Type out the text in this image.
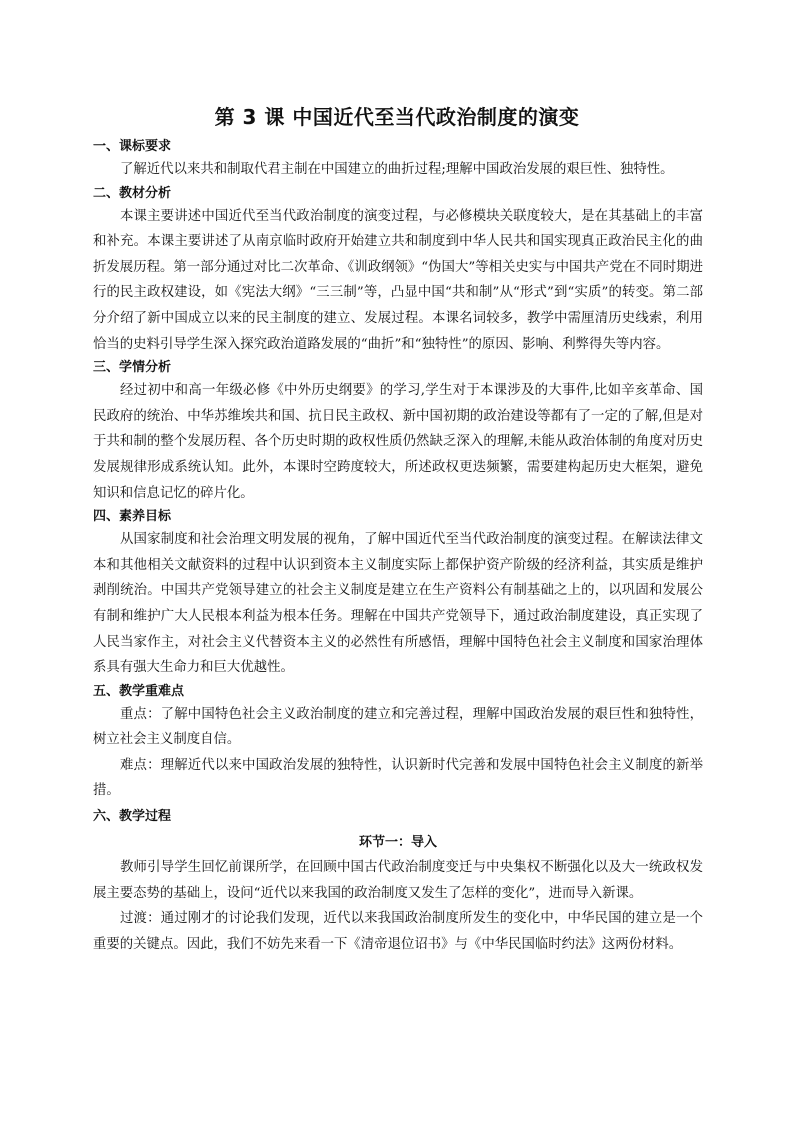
第 3 课 中国近代至当代政治制度的演变
一、课标要求

了解近代以来共和制取代君主制在中国建立的曲折过程;理解中国政治发展的艰巨性、独特性。

二、教材分析

本课主要讲述中国近代至当代政治制度的演变过程，与必修模块关联度较大，是在其基础上的丰富和补充。本课主要讲述了从南京临时政府开始建立共和制度到中华人民共和国实现真正政治民主化的曲折发展历程。第一部分通过对比二次革命、《训政纲领》“伪国大”等相关史实与中国共产党在不同时期进行的民主政权建设，如《宪法大纲》“三三制”等，凸显中国“共和制”从“形式”到“实质”的转变。第二部分介绍了新中国成立以来的民主制度的建立、发展过程。本课名词较多，教学中需厘清历史线索，利用恰当的史料引导学生深入探究政治道路发展的“曲折”和“独特性”的原因、影响、利弊得失等内容。

三、学情分析

经过初中和高一年级必修《中外历史纲要》的学习,学生对于本课涉及的大事件,比如辛亥革命、国民政府的统治、中华苏维埃共和国、抗日民主政权、新中国初期的政治建设等都有了一定的了解,但是对于共和制的整个发展历程、各个历史时期的政权性质仍然缺乏深入的理解,未能从政治体制的角度对历史发展规律形成系统认知。此外，本课时空跨度较大，所述政权更迭频繁，需要建构起历史大框架，避免知识和信息记忆的碎片化。

四、素养目标

从国家制度和社会治理文明发展的视角，了解中国近代至当代政治制度的演变过程。在解读法律文本和其他相关文献资料的过程中认识到资本主义制度实际上都保护资产阶级的经济利益，其实质是维护剥削统治。中国共产党领导建立的社会主义制度是建立在生产资料公有制基础之上的，以巩固和发展公有制和维护广大人民根本利益为根本任务。理解在中国共产党领导下，通过政治制度建设，真正实现了人民当家作主，对社会主义代替资本主义的必然性有所感悟，理解中国特色社会主义制度和国家治理体系具有强大生命力和巨大优越性。

五、教学重难点

重点：了解中国特色社会主义政治制度的建立和完善过程，理解中国政治发展的艰巨性和独特性，树立社会主义制度自信。

难点：理解近代以来中国政治发展的独特性，认识新时代完善和发展中国特色社会主义制度的新举措。

六、教学过程
环节一：导入

教师引导学生回忆前课所学，在回顾中国古代政治制度变迁与中央集权不断强化以及大一统政权发展主要态势的基础上，设问“近代以来我国的政治制度又发生了怎样的变化”，进而导入新课。

过渡：通过刚才的讨论我们发现，近代以来我国政治制度所发生的变化中，中华民国的建立是一个重要的关键点。因此，我们不妨先来看一下《清帝退位诏书》与《中华民国临时约法》这两份材料。
